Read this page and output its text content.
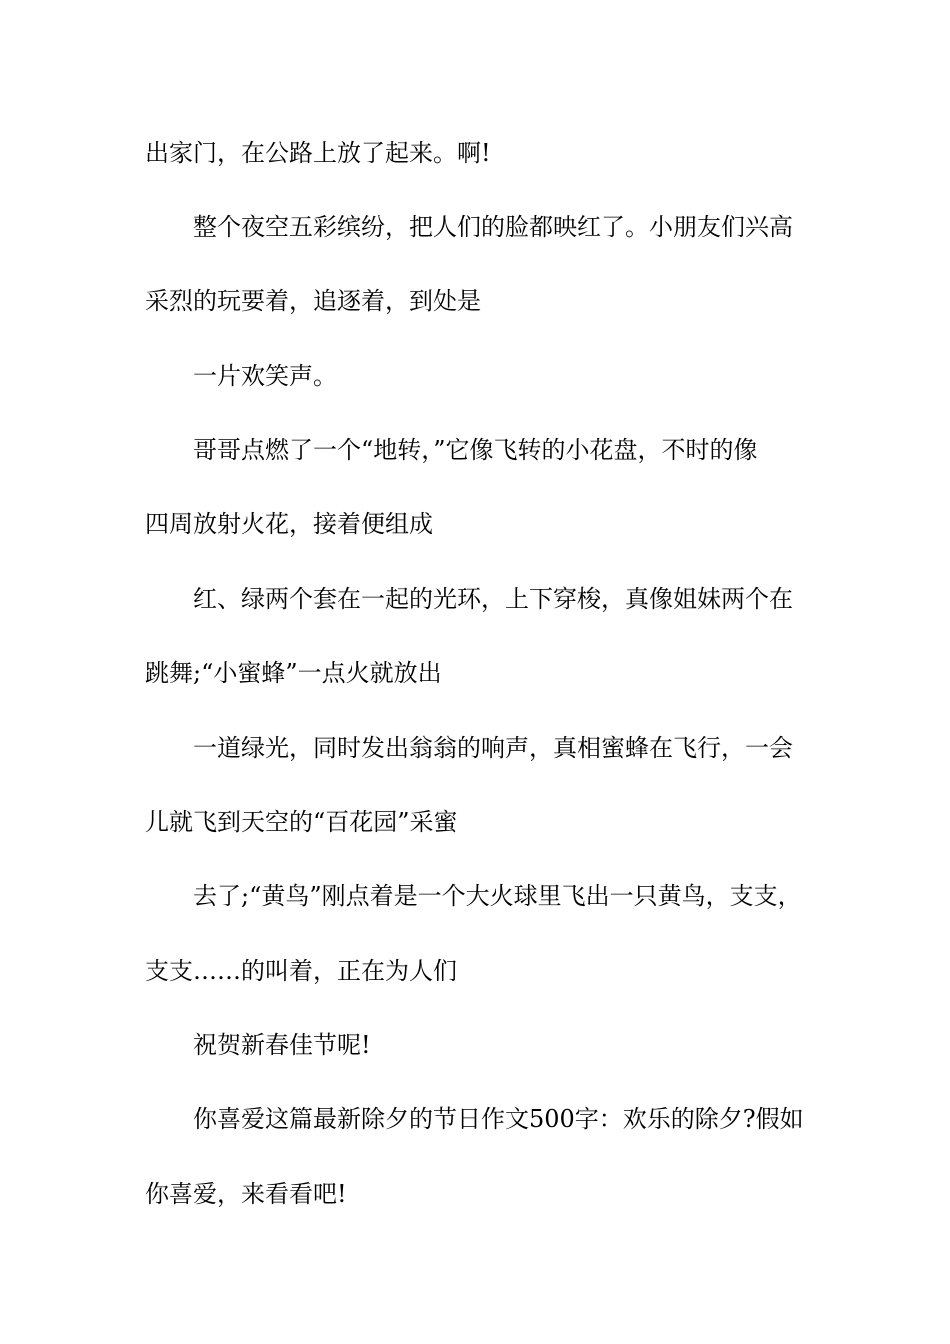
出家门，在公路上放了起来。啊!
整个夜空五彩缤纷，把人们的脸都映红了。小朋友们兴高
采烈的玩要着，追逐着，到处是
一片欢笑声。
哥哥点燃了一个“地转，”它像飞转的小花盘，不时的像
四周放射火花，接着便组成
红、绿两个套在一起的光环，上下穿梭，真像姐妹两个在
跳舞;“小蜜蜂”一点火就放出
一道绿光，同时发出翁翁的响声，真相蜜蜂在飞行，一会
儿就飞到天空的“百花园”采蜜
去了;“黄鸟”刚点着是一个大火球里飞出一只黄鸟，支支，
支支……的叫着，正在为人们
祝贺新春佳节呢!
你喜爱这篇最新除夕的节日作文500字：欢乐的除夕?假如
你喜爱，来看看吧!
